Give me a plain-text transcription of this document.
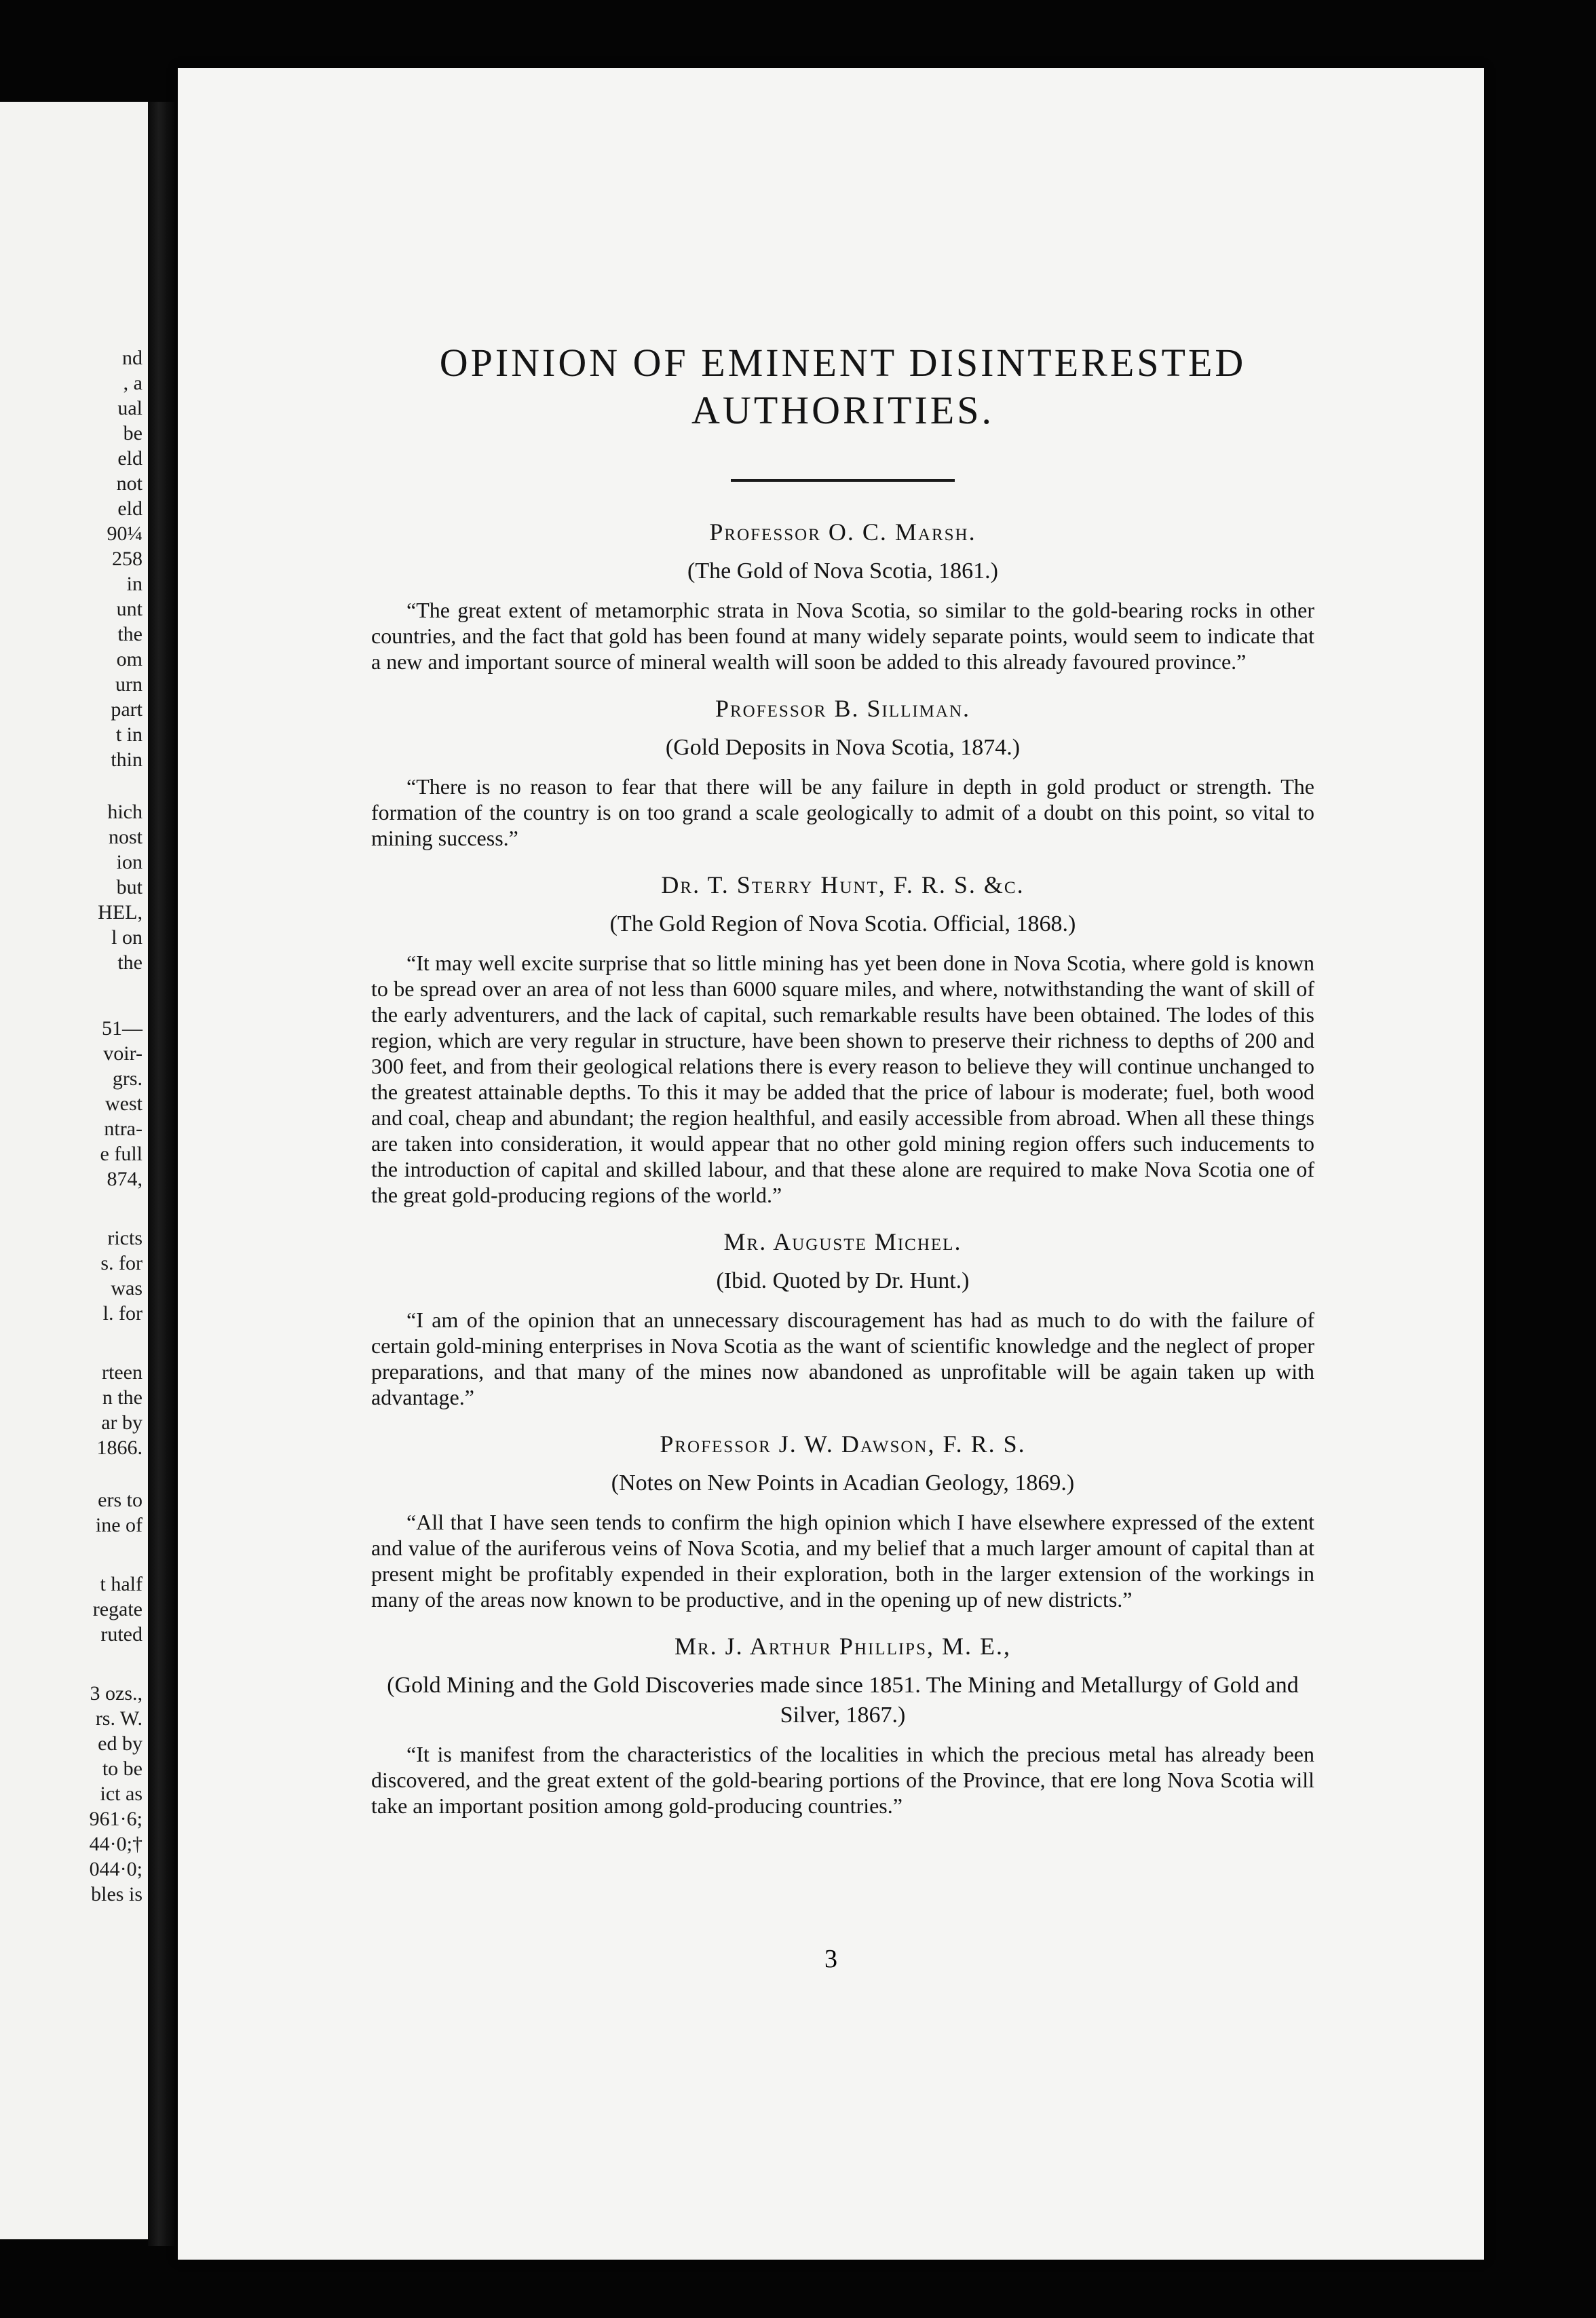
nd
, a
ual
be
eld
not
eld
90¼
258
in
unt
the
om
urn
part
t in
thin
hich
nost
ion
but
HEL,
l on
the
51—
voir-
grs.
west
ntra-
e full
874,
ricts
s. for
was
l. for
rteen
n the
ar by
1866.
ers to
ine of
t half
regate
ruted
3 ozs.,
rs. W.
ed by
to be
ict as
961·6;
44·0;†
044·0;
bles is
OPINION OF EMINENT DISINTERESTED AUTHORITIES.

Professor O. C. Marsh.

(The Gold of Nova Scotia, 1861.)

“The great extent of metamorphic strata in Nova Scotia, so similar to the gold-bearing rocks in other countries, and the fact that gold has been found at many widely separate points, would seem to indicate that a new and important source of mineral wealth will soon be added to this already favoured province.”

Professor B. Silliman.

(Gold Deposits in Nova Scotia, 1874.)

“There is no reason to fear that there will be any failure in depth in gold product or strength. The formation of the country is on too grand a scale geologically to admit of a doubt on this point, so vital to mining success.”

Dr. T. Sterry Hunt, F. R. S. &c.

(The Gold Region of Nova Scotia. Official, 1868.)

“It may well excite surprise that so little mining has yet been done in Nova Scotia, where gold is known to be spread over an area of not less than 6000 square miles, and where, notwithstanding the want of skill of the early adventurers, and the lack of capital, such remarkable results have been obtained. The lodes of this region, which are very regular in structure, have been shown to preserve their richness to depths of 200 and 300 feet, and from their geological relations there is every reason to believe they will continue unchanged to the greatest attainable depths. To this it may be added that the price of labour is moderate; fuel, both wood and coal, cheap and abundant; the region healthful, and easily accessible from abroad. When all these things are taken into consideration, it would appear that no other gold mining region offers such inducements to the introduction of capital and skilled labour, and that these alone are required to make Nova Scotia one of the great gold-producing regions of the world.”

Mr. Auguste Michel.

(Ibid. Quoted by Dr. Hunt.)

“I am of the opinion that an unnecessary discouragement has had as much to do with the failure of certain gold-mining enterprises in Nova Scotia as the want of scientific knowledge and the neglect of proper preparations, and that many of the mines now abandoned as unprofitable will be again taken up with advantage.”

Professor J. W. Dawson, F. R. S.

(Notes on New Points in Acadian Geology, 1869.)

“All that I have seen tends to confirm the high opinion which I have elsewhere expressed of the extent and value of the auriferous veins of Nova Scotia, and my belief that a much larger amount of capital than at present might be profitably expended in their exploration, both in the larger extension of the workings in many of the areas now known to be productive, and in the opening up of new districts.”

Mr. J. Arthur Phillips, M. E.,

(Gold Mining and the Gold Discoveries made since 1851. The Mining and Metallurgy of Gold and Silver, 1867.)

“It is manifest from the characteristics of the localities in which the precious metal has already been discovered, and the great extent of the gold-bearing portions of the Province, that ere long Nova Scotia will take an important position among gold-producing countries.”

3
